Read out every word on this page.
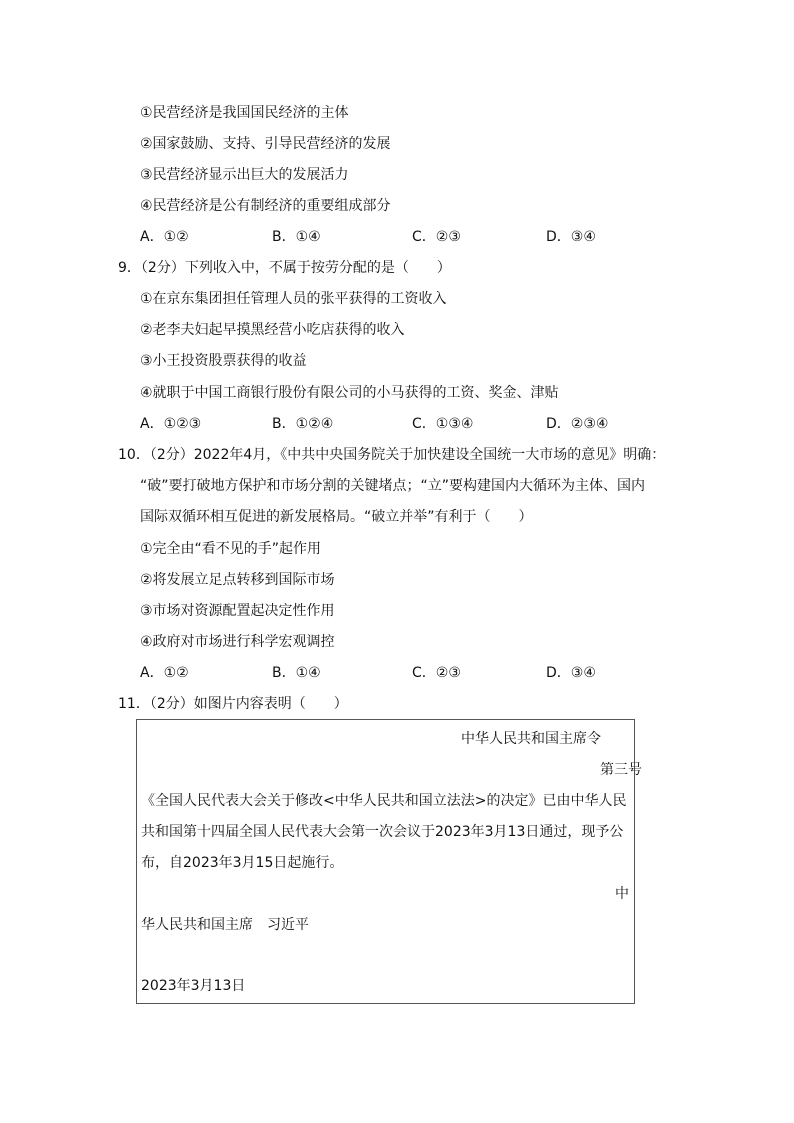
①民营经济是我国国民经济的主体
②国家鼓励、支持、引导民营经济的发展
③民营经济显示出巨大的发展活力
④民营经济是公有制经济的重要组成部分
A．①②	B．①④	C．②③	D．③④
9．（2分）下列收入中，不属于按劳分配的是（　　）
①在京东集团担任管理人员的张平获得的工资收入
②老李夫妇起早摸黑经营小吃店获得的收入
③小王投资股票获得的收益
④就职于中国工商银行股份有限公司的小马获得的工资、奖金、津贴
A．①②③	B．①②④	C．①③④	D．②③④
10．（2分）2022年4月，《中共中央国务院关于加快建设全国统一大市场的意见》明确：
“破”要打破地方保护和市场分割的关键堵点；“立”要构建国内大循环为主体、国内
国际双循环相互促进的新发展格局。“破立并举”有利于（　　）
①完全由“看不见的手”起作用
②将发展立足点转移到国际市场
③市场对资源配置起决定性作用
④政府对市场进行科学宏观调控
A．①②	B．①④	C．②③	D．③④
11．（2分）如图片内容表明（　　）
中华人民共和国主席令
第三号
《全国人民代表大会关于修改<中华人民共和国立法法>的决定》已由中华人民
共和国第十四届全国人民代表大会第一次会议于2023年3月13日通过，现予公
布，自2023年3月15日起施行。
中
华人民共和国主席　习近平
2023年3月13日
